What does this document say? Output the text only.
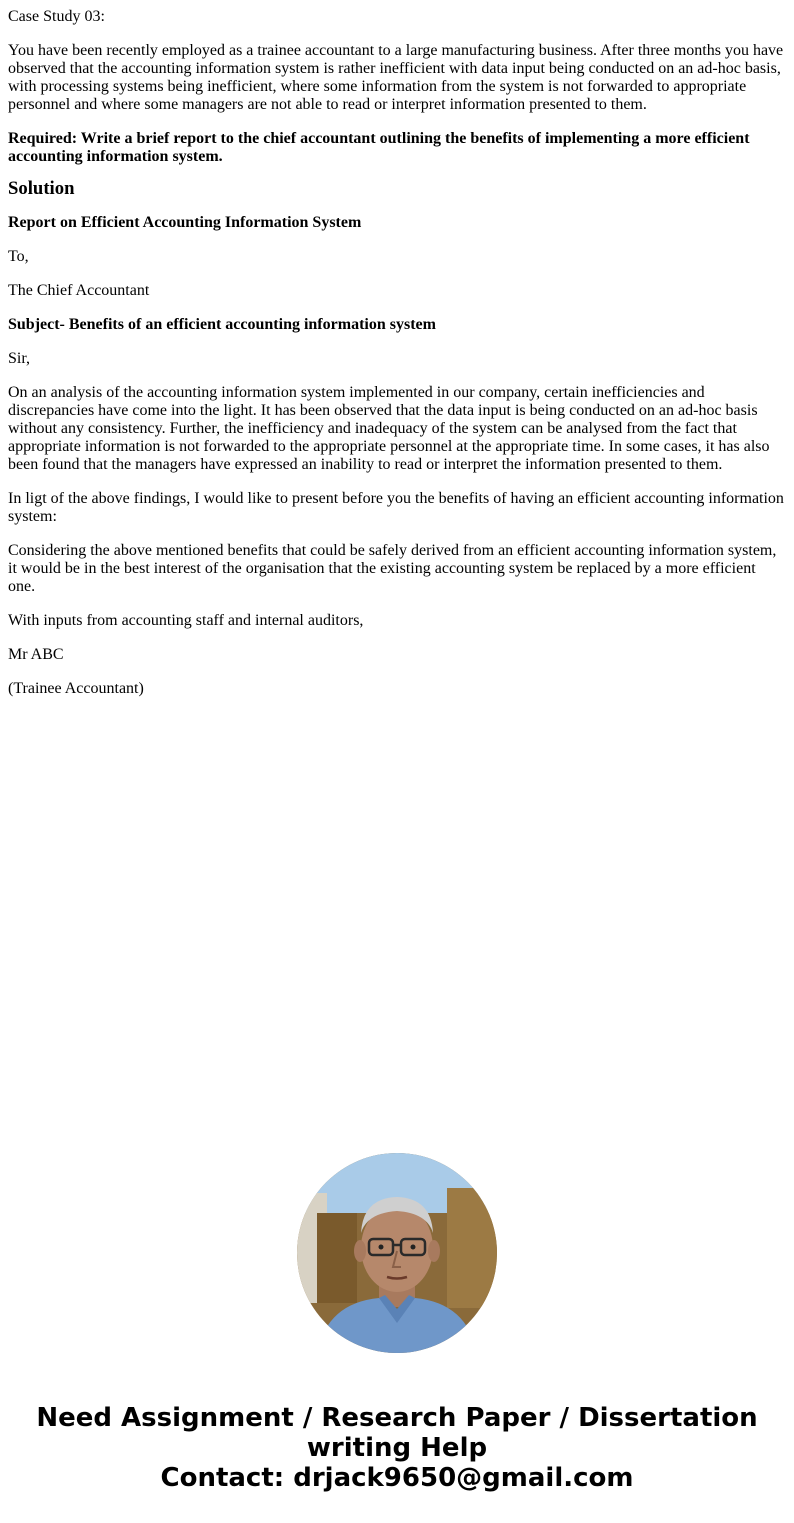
Case Study 03:

You have been recently employed as a trainee accountant to a large manufacturing business. After three months you have observed that the accounting information system is rather inefficient with data input being conducted on an ad-hoc basis, with processing systems being inefficient, where some information from the system is not forwarded to appropriate personnel and where some managers are not able to read or interpret information presented to them.

Required: Write a brief report to the chief accountant outlining the benefits of implementing a more efficient accounting information system.

Solution

Report on Efficient Accounting Information System

To,

The Chief Accountant

Subject- Benefits of an efficient accounting information system

Sir,

On an analysis of the accounting information system implemented in our company, certain inefficiencies and discrepancies have come into the light. It has been observed that the data input is being conducted on an ad-hoc basis without any consistency. Further, the inefficiency and inadequacy of the system can be analysed from the fact that appropriate information is not forwarded to the appropriate personnel at the appropriate time. In some cases, it has also been found that the managers have expressed an inability to read or interpret the information presented to them.

In ligt of the above findings, I would like to present before you the benefits of having an efficient accounting information system:

Considering the above mentioned benefits that could be safely derived from an efficient accounting information system, it would be in the best interest of the organisation that the existing accounting system be replaced by a more efficient one.

With inputs from accounting staff and internal auditors,

Mr ABC

(Trainee Accountant)

Need Assignment / Research Paper / Dissertation
writing Help
Contact: drjack9650@gmail.com
